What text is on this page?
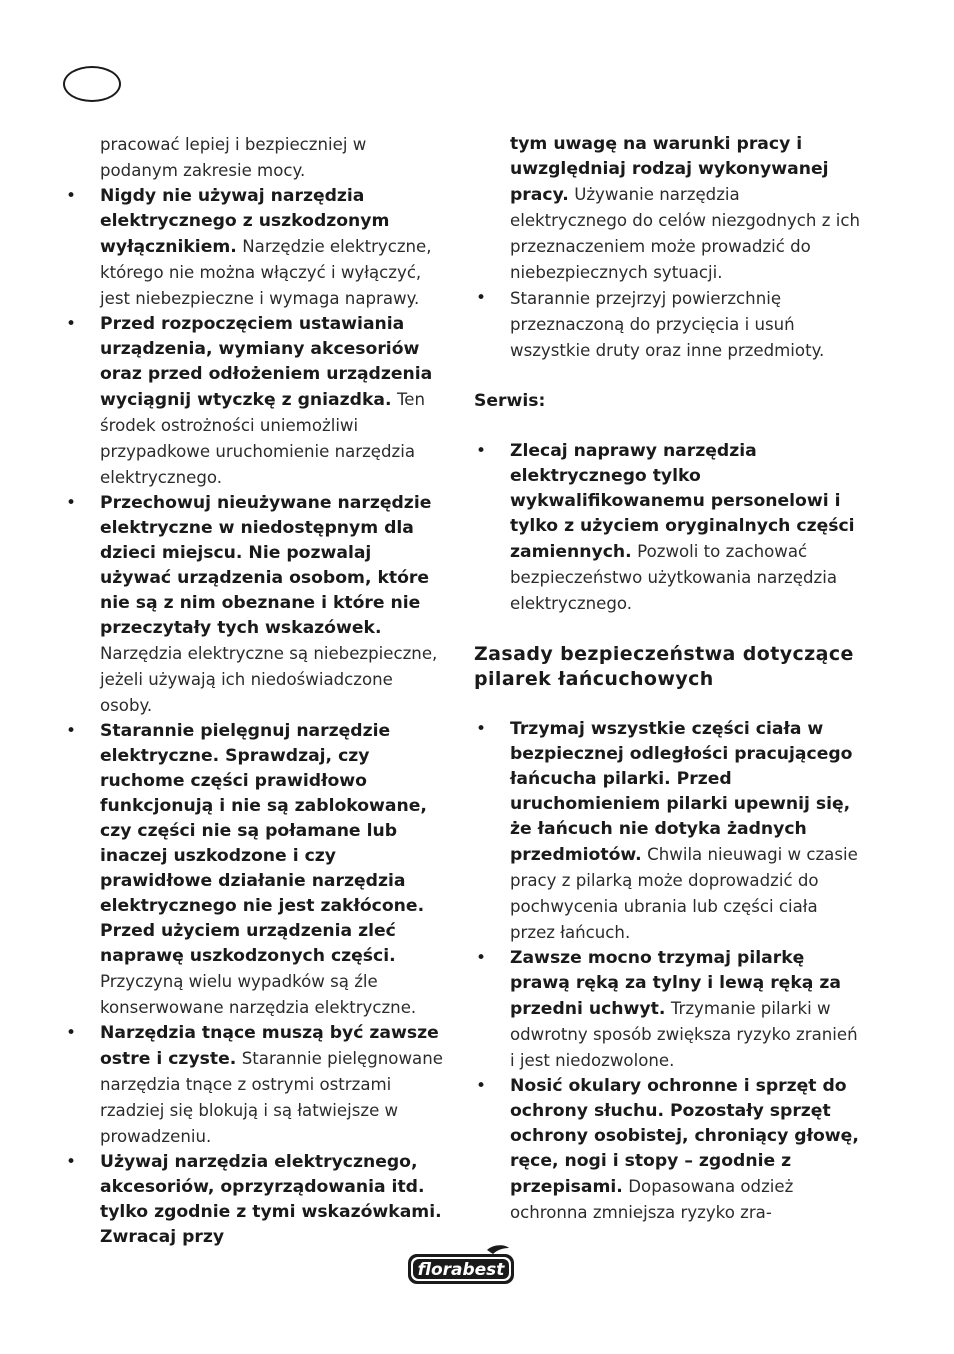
pracować lepiej i bezpieczniej w podanym zakresie mocy.

• Nigdy nie używaj narzędzia elektrycznego z uszkodzonym wyłącznikiem. Narzędzie elektryczne, którego nie można włączyć i wyłączyć, jest niebezpieczne i wymaga naprawy.

• Przed rozpoczęciem ustawiania urządzenia, wymiany akcesoriów oraz przed odłożeniem urządzenia wyciągnij wtyczkę z gniazdka. Ten środek ostrożności uniemożliwi przypadkowe uruchomienie narzędzia elektrycznego.

• Przechowuj nieużywane narzędzie elektryczne w niedostępnym dla dzieci miejscu. Nie pozwalaj używać urządzenia osobom, które nie są z nim obeznane i które nie przeczytały tych wskazówek. Narzędzia elektryczne są niebezpieczne, jeżeli używają ich niedoświadczone osoby.

• Starannie pielęgnuj narzędzie elektryczne. Sprawdzaj, czy ruchome części prawidłowo funkcjonują i nie są zablokowane, czy części nie są połamane lub inaczej uszkodzone i czy prawidłowe działanie narzędzia elektrycznego nie jest zakłócone. Przed użyciem urządzenia zleć naprawę uszkodzonych części. Przyczyną wielu wypadków są źle konserwowane narzędzia elektryczne.

• Narzędzia tnące muszą być zawsze ostre i czyste. Starannie pielęgnowane narzędzia tnące z ostrymi ostrzami rzadziej się blokują i są łatwiejsze w prowadzeniu.

• Używaj narzędzia elektrycznego, akcesoriów, oprzyrządowania itd. tylko zgodnie z tymi wskazówkami. Zwracaj przy

tym uwagę na warunki pracy i uwzględniaj rodzaj wykonywanej pracy. Używanie narzędzia elektrycznego do celów niezgodnych z ich przeznaczeniem może prowadzić do niebezpiecznych sytuacji.

• Starannie przejrzyj powierzchnię przeznaczoną do przycięcia i usuń wszystkie druty oraz inne przedmioty.

Serwis:

• Zlecaj naprawy narzędzia elektrycznego tylko wykwalifikowanemu personelowi i tylko z użyciem oryginalnych części zamiennych. Pozwoli to zachować bezpieczeństwo użytkowania narzędzia elektrycznego.

Zasady bezpieczeństwa dotyczące pilarek łańcuchowych

• Trzymaj wszystkie części ciała w bezpiecznej odległości pracującego łańcucha pilarki. Przed uruchomieniem pilarki upewnij się, że łańcuch nie dotyka żadnych przedmiotów. Chwila nieuwagi w czasie pracy z pilarką może doprowadzić do pochwycenia ubrania lub części ciała przez łańcuch.

• Zawsze mocno trzymaj pilarkę prawą ręką za tylny i lewą ręką za przedni uchwyt. Trzymanie pilarki w odwrotny sposób zwiększa ryzyko zranień i jest niedozwolone.

• Nosić okulary ochronne i sprzęt do ochrony słuchu. Pozostały sprzęt ochrony osobistej, chroniący głowę, ręce, nogi i stopy – zgodnie z przepisami. Dopasowana odzież ochronna zmniejsza ryzyko zra-

florabest
